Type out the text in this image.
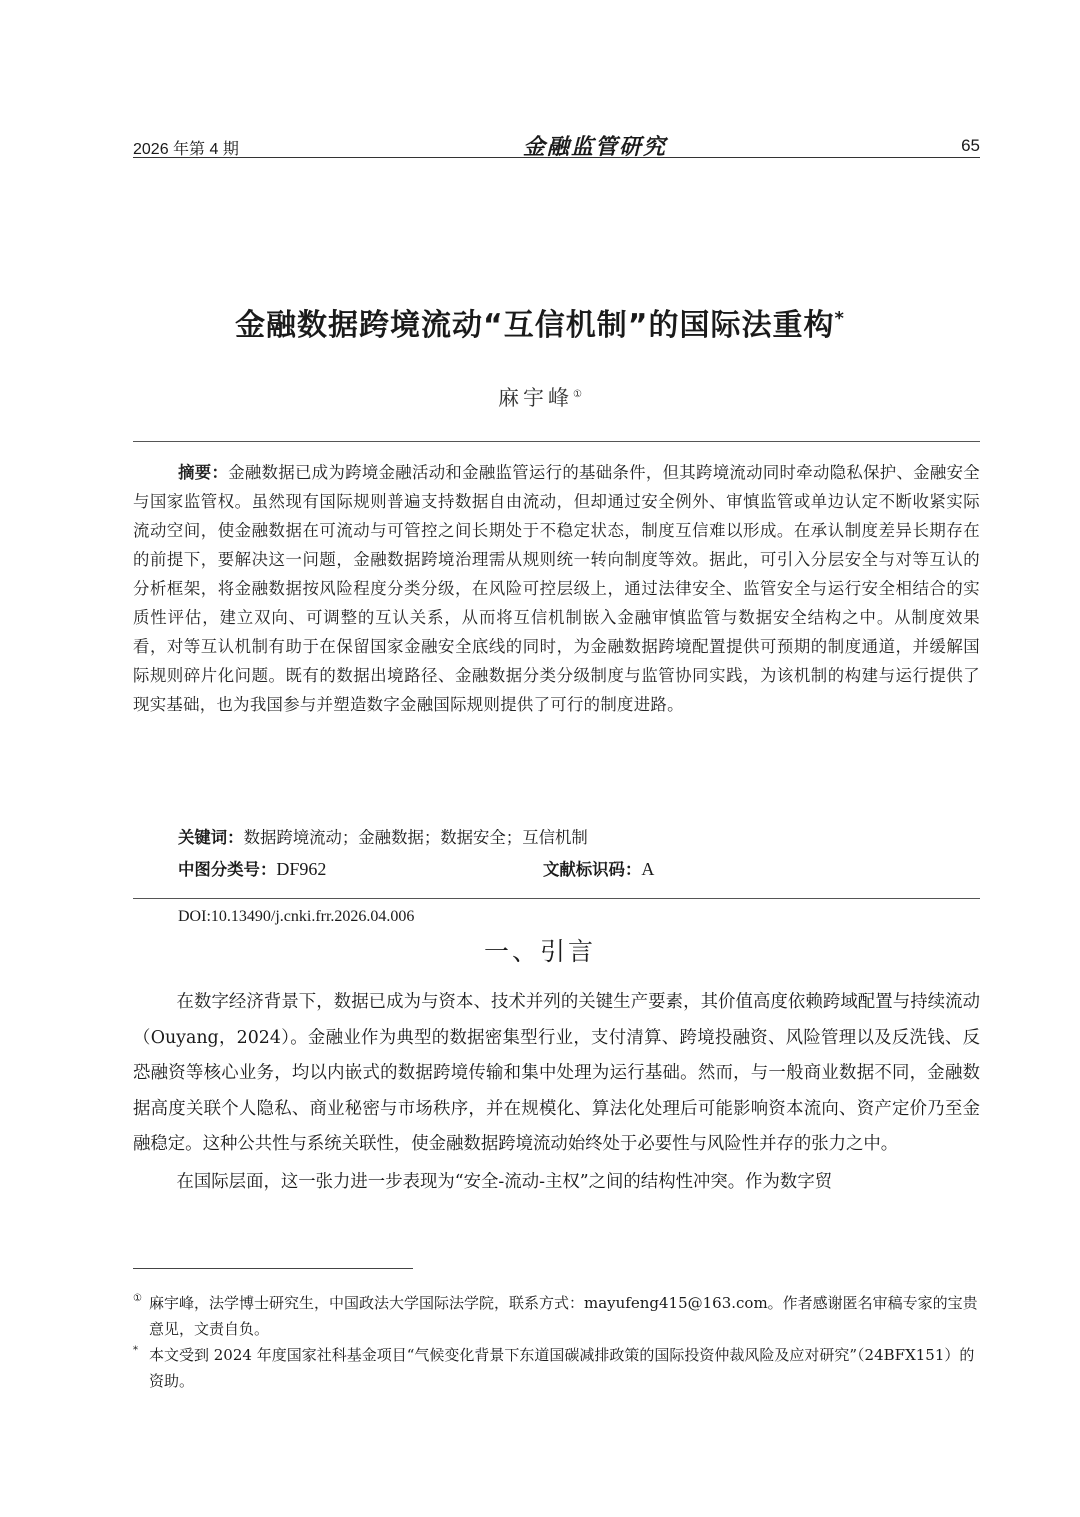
2026 年第 4 期	金融监管研究	65
金融数据跨境流动“互信机制”的国际法重构*
麻宇峰①
摘要：金融数据已成为跨境金融活动和金融监管运行的基础条件，但其跨境流动同时牵动隐私保护、金融安全与国家监管权。虽然现有国际规则普遍支持数据自由流动，但却通过安全例外、审慎监管或单边认定不断收紧实际流动空间，使金融数据在可流动与可管控之间长期处于不稳定状态，制度互信难以形成。在承认制度差异长期存在的前提下，要解决这一问题，金融数据跨境治理需从规则统一转向制度等效。据此，可引入分层安全与对等互认的分析框架，将金融数据按风险程度分类分级，在风险可控层级上，通过法律安全、监管安全与运行安全相结合的实质性评估，建立双向、可调整的互认关系，从而将互信机制嵌入金融审慎监管与数据安全结构之中。从制度效果看，对等互认机制有助于在保留国家金融安全底线的同时，为金融数据跨境配置提供可预期的制度通道，并缓解国际规则碎片化问题。既有的数据出境路径、金融数据分类分级制度与监管协同实践，为该机制的构建与运行提供了现实基础，也为我国参与并塑造数字金融国际规则提供了可行的制度进路。
关键词：数据跨境流动；金融数据；数据安全；互信机制
中图分类号：DF962	文献标识码：A
DOI:10.13490/j.cnki.frr.2026.04.006
一、引言

在数字经济背景下，数据已成为与资本、技术并列的关键生产要素，其价值高度依赖跨域配置与持续流动（Ouyang，2024）。金融业作为典型的数据密集型行业，支付清算、跨境投融资、风险管理以及反洗钱、反恐融资等核心业务，均以内嵌式的数据跨境传输和集中处理为运行基础。然而，与一般商业数据不同，金融数据高度关联个人隐私、商业秘密与市场秩序，并在规模化、算法化处理后可能影响资本流向、资产定价乃至金融稳定。这种公共性与系统关联性，使金融数据跨境流动始终处于必要性与风险性并存的张力之中。

在国际层面，这一张力进一步表现为“安全-流动-主权”之间的结构性冲突。作为数字贸

① 麻宇峰，法学博士研究生，中国政法大学国际法学院，联系方式：mayufeng415@163.com。作者感谢匿名审稿专家的宝贵意见，文责自负。
* 本文受到 2024 年度国家社科基金项目“气候变化背景下东道国碳减排政策的国际投资仲裁风险及应对研究”（24BFX151）的资助。
